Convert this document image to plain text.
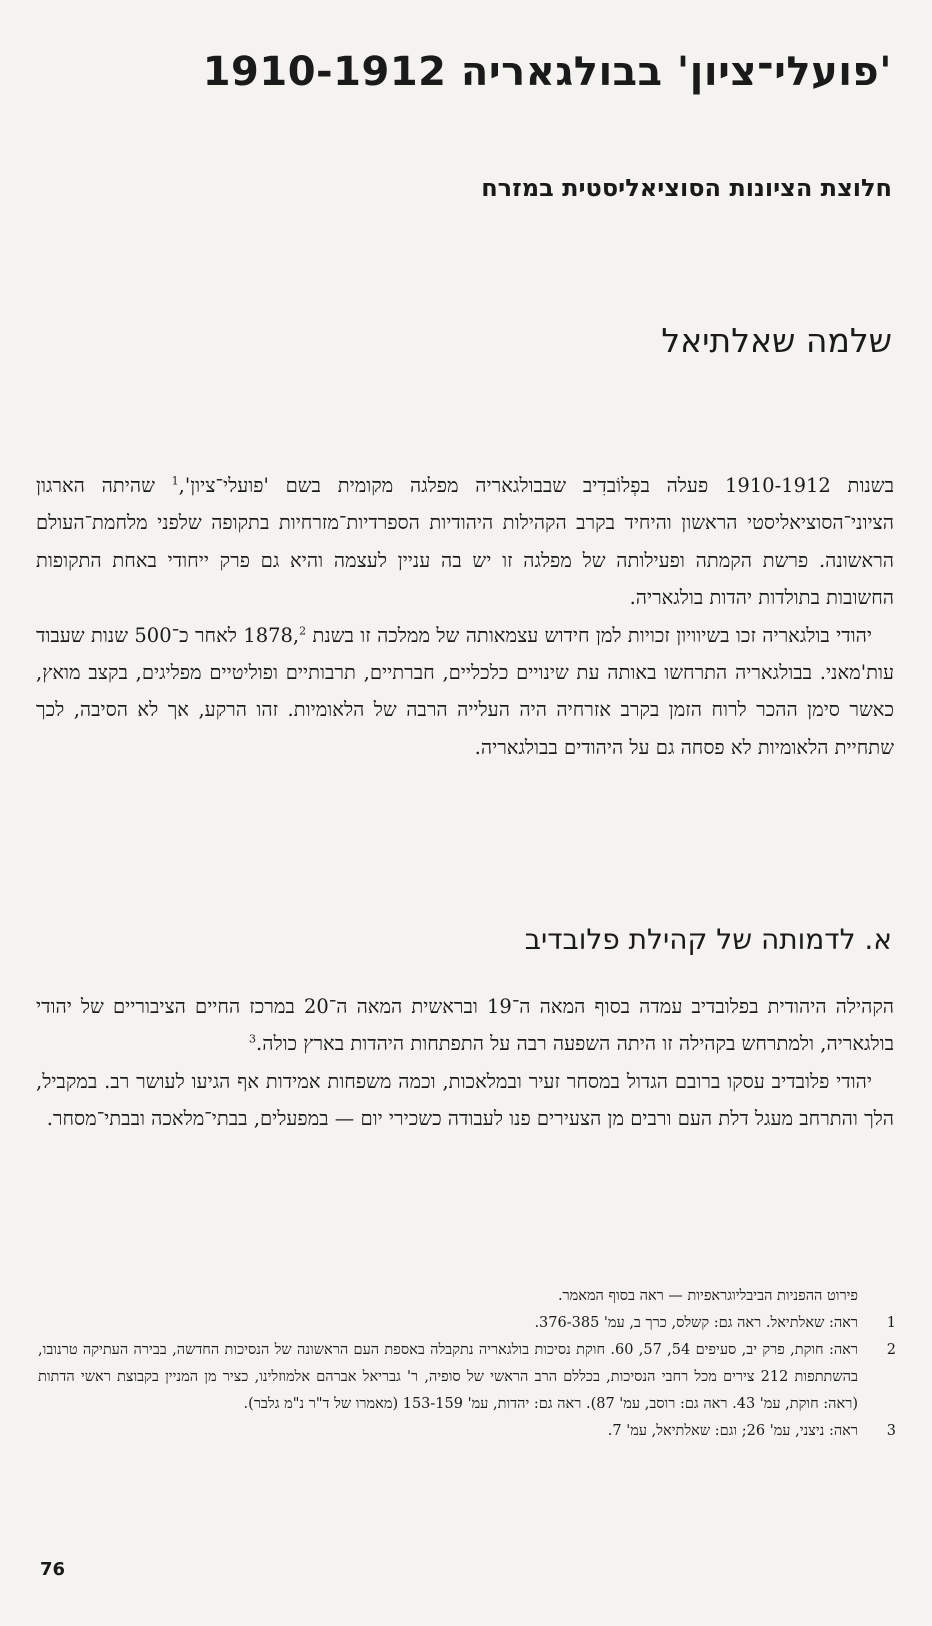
'פועלי־ציון' בבולגאריה 1910-1912
חלוצת הציונות הסוציאליסטית במזרח
שלמה שאלתיאל

בשנות 1910-1912 פעלה בפְלוֹבדִיב שבבולגאריה מפלגה מקומית בשם 'פועלי־ציון',$^1$ שהיתה הארגון הציוני־הסוציאליסטי הראשון והיחיד בקרב הקהילות היהודיות הספרדיות־מזרחיות בתקופה שלפני מלחמת־העולם הראשונה. פרשת הקמתה ופעילותה של מפלגה זו יש בה עניין לעצמה והיא גם פרק ייחודי באחת התקופות החשובות בתולדות יהדות בולגאריה.

יהודי בולגאריה זכו בשיוויון זכויות למן חידוש עצמאותה של ממלכה זו בשנת 1878,$^2$ לאחר כ־500 שנות שעבוד עות'מאני. בבולגאריה התרחשו באותה עת שינויים כלכליים, חברתיים, תרבותיים ופוליטיים מפליגים, בקצב מואץ, כאשר סימן ההכר לרוח הזמן בקרב אזרחיה היה העלייה הרבה של הלאומיות. זהו הרקע, אך לא הסיבה, לכך שתחיית הלאומיות לא פסחה גם על היהודים בבולגאריה.

א. לדמותה של קהילת פלובדיב

הקהילה היהודית בפלובדיב עמדה בסוף המאה ה־19 ובראשית המאה ה־20 במרכז החיים הציבוריים של יהודי בולגאריה, ולמתרחש בקהילה זו היתה השפעה רבה על התפתחות היהדות בארץ כולה.$^3$

יהודי פלובדיב עסקו ברובם הגדול במסחר זעיר ובמלאכות, וכמה משפחות אמידות אף הגיעו לעושר רב. במקביל, הלך והתרחב מעגל דלת העם ורבים מן הצעירים פנו לעבודה כשכירי יום — במפעלים, בבתי־מלאכה ובבתי־מסחר.

פירוט ההפניות הביבליוגראפיות — ראה בסוף המאמר.

1
ראה: שאלתיאל. ראה גם: קשלס, כרך ב, עמ' 376-385.
2
ראה: חוקת, פרק יב, סעיפים 54, 57, 60. חוקת נסיכות בולגאריה נתקבלה באספת העם הראשונה של הנסיכות החדשה, בבירה העתיקה טרנובו, בהשתתפות 212 צירים מכל רחבי הנסיכות, בכללם הרב הראשי של סופיה, ר' גבריאל אברהם אלמוזלינו, כציר מן המניין בקבוצת ראשי הדתות (ראה: חוקת, עמ' 43. ראה גם: רוסב, עמ' 87). ראה גם: יהדות, עמ' 153-159 (מאמרו של ד"ר נ"מ גלבר).
3
ראה: ניצני, עמ' 26; וגם: שאלתיאל, עמ' 7.

76
